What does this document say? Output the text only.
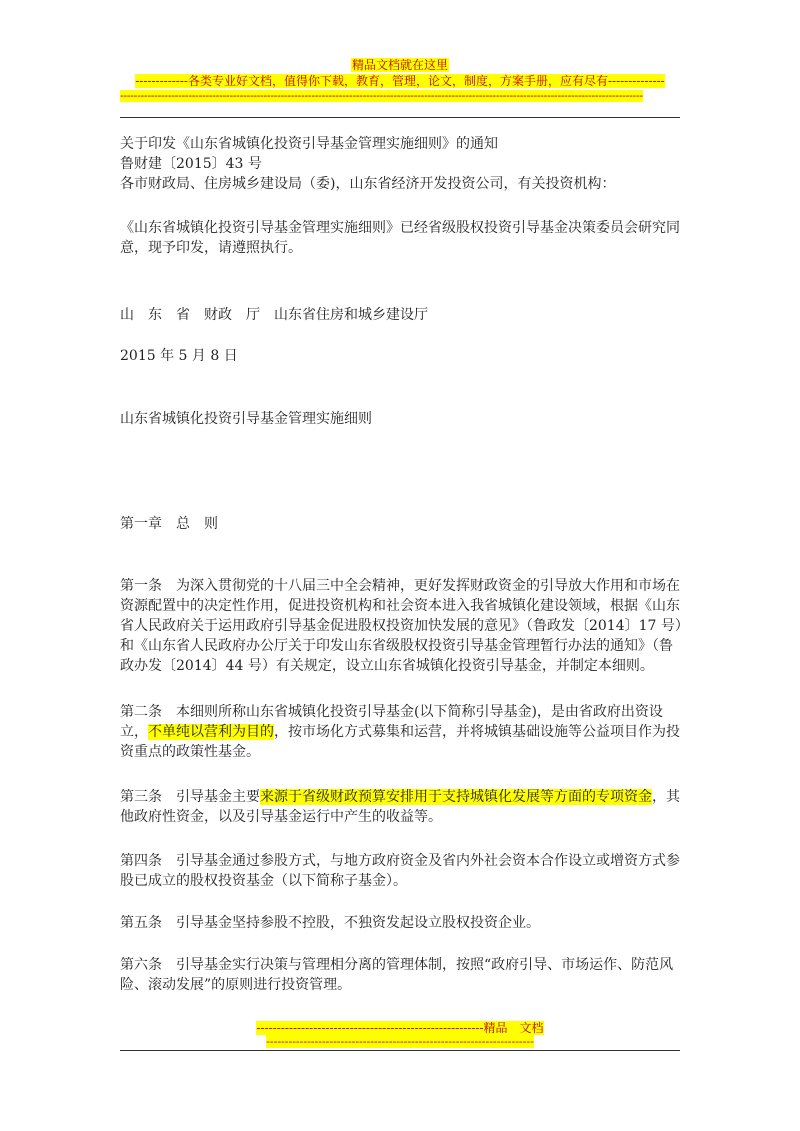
精品文档就在这里
-------------各类专业好文档，值得你下载，教育，管理，论文，制度，方案手册，应有尽有--------------
---------------------------------------------------------------------------------------------------------------------------------------------------------

关于印发《山东省城镇化投资引导基金管理实施细则》的通知

鲁财建〔2015〕43 号

各市财政局、住房城乡建设局（委)，山东省经济开发投资公司，有关投资机构：

《山东省城镇化投资引导基金管理实施细则》已经省级股权投资引导基金决策委员会研究同意，现予印发，请遵照执行。

山　东　省　财政　厅　山东省住房和城乡建设厅

2015 年 5 月 8 日

山东省城镇化投资引导基金管理实施细则

第一章　总　则

第一条　为深入贯彻党的十八届三中全会精神，更好发挥财政资金的引导放大作用和市场在资源配置中的决定性作用，促进投资机构和社会资本进入我省城镇化建设领域，根据《山东省人民政府关于运用政府引导基金促进股权投资加快发展的意见》（鲁政发〔2014〕17 号）和《山东省人民政府办公厅关于印发山东省级股权投资引导基金管理暂行办法的通知》（鲁政办发〔2014〕44 号）有关规定，设立山东省城镇化投资引导基金，并制定本细则。

第二条　本细则所称山东省城镇化投资引导基金(以下简称引导基金)，是由省政府出资设立，不单纯以营利为目的，按市场化方式募集和运营，并将城镇基础设施等公益项目作为投资重点的政策性基金。

第三条　引导基金主要来源于省级财政预算安排用于支持城镇化发展等方面的专项资金，其他政府性资金，以及引导基金运行中产生的收益等。

第四条　引导基金通过参股方式，与地方政府资金及省内外社会资本合作设立或增资方式参股已成立的股权投资基金（以下简称子基金）。

第五条　引导基金坚持参股不控股，不独资发起设立股权投资企业。

第六条　引导基金实行决策与管理相分离的管理体制，按照“政府引导、市场运作、防范风险、滚动发展”的原则进行投资管理。

--------------------------------------------------------精品　文档
------------------------------------------------------------------------
